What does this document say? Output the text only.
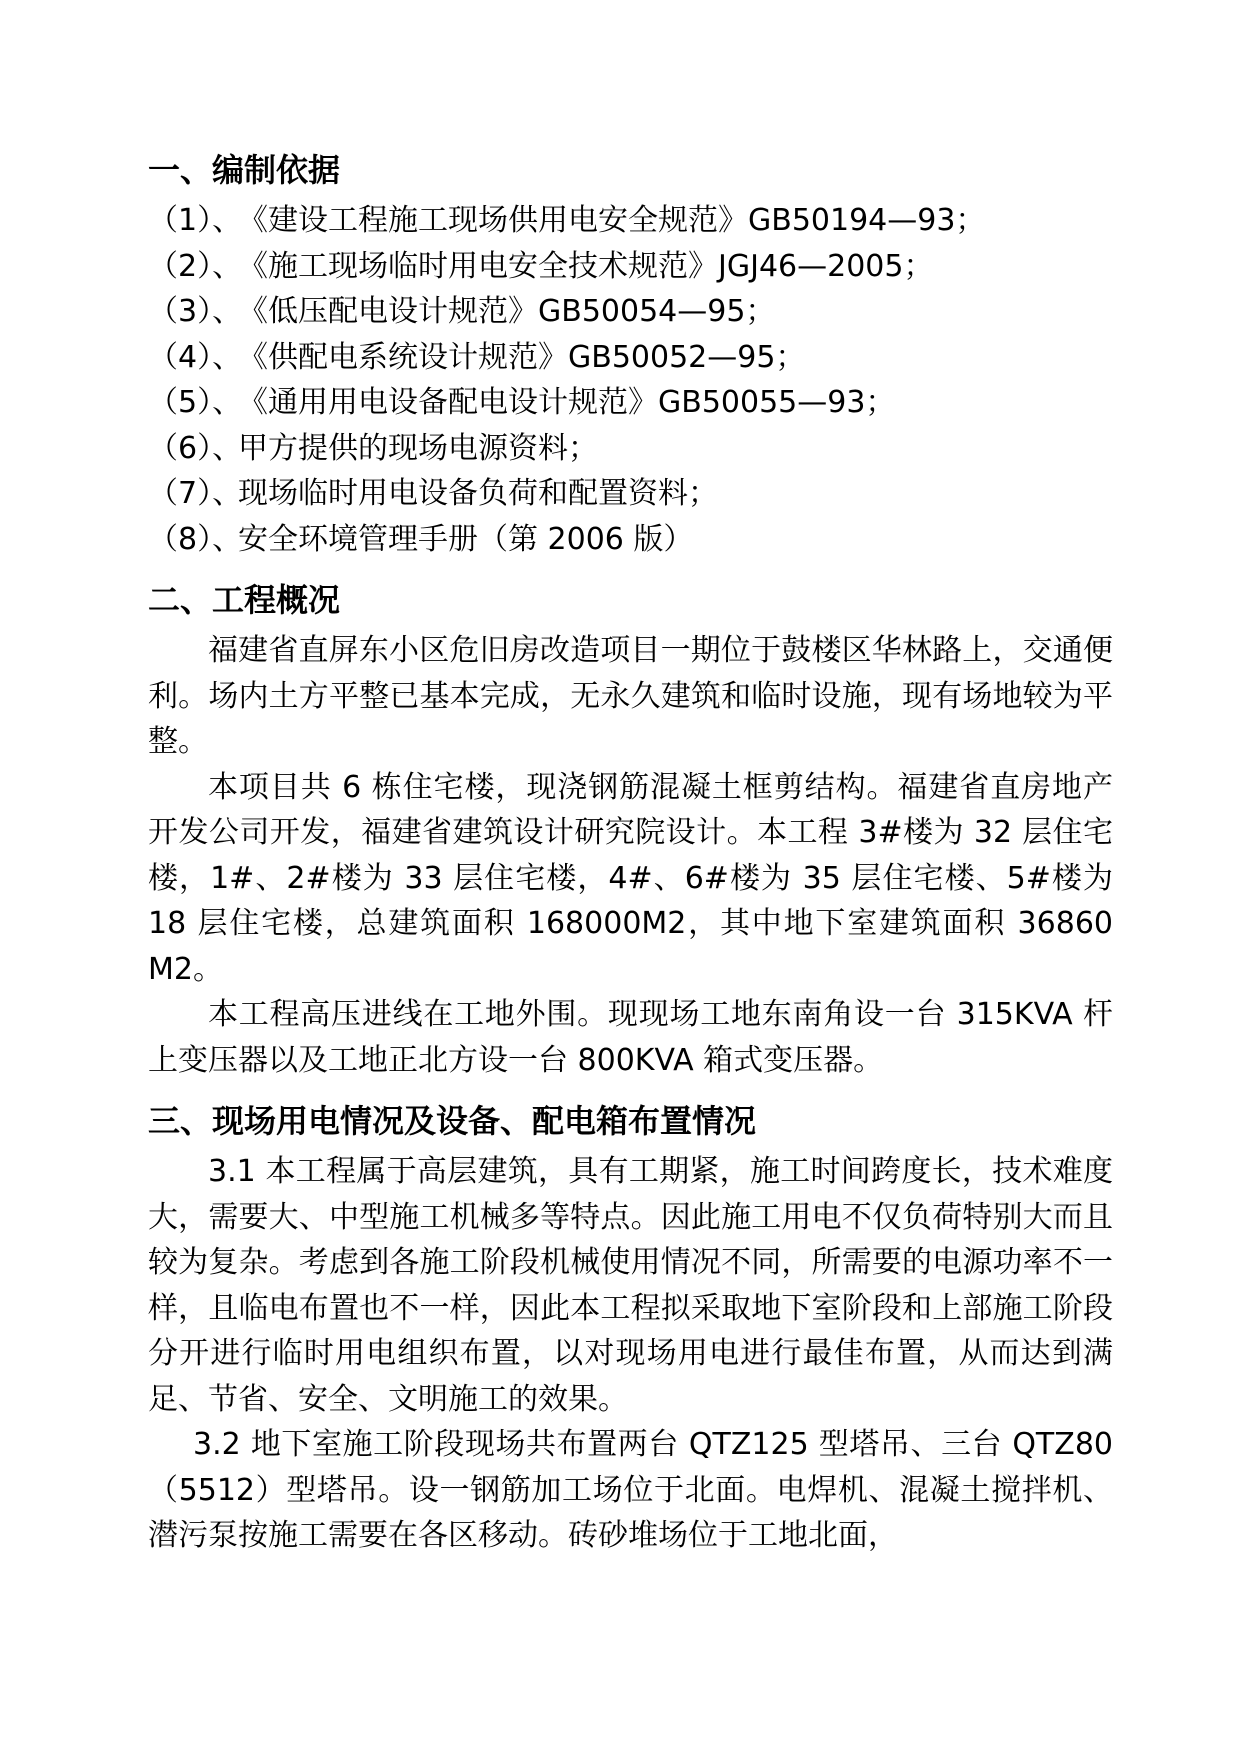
一、编制依据
（1）、《建设工程施工现场供用电安全规范》GB50194—93；
（2）、《施工现场临时用电安全技术规范》JGJ46—2005；
（3）、《低压配电设计规范》GB50054—95；
（4）、《供配电系统设计规范》GB50052—95；
（5）、《通用用电设备配电设计规范》GB50055—93；
（6）、甲方提供的现场电源资料；
（7）、现场临时用电设备负荷和配置资料；
（8）、安全环境管理手册（第 2006 版）
二、工程概况

福建省直屏东小区危旧房改造项目一期位于鼓楼区华林路上，交通便利。场内土方平整已基本完成，无永久建筑和临时设施，现有场地较为平整。

本项目共 6 栋住宅楼，现浇钢筋混凝土框剪结构。福建省直房地产开发公司开发，福建省建筑设计研究院设计。本工程 3#楼为 32 层住宅楼，1#、2#楼为 33 层住宅楼，4#、6#楼为 35 层住宅楼、5#楼为 18 层住宅楼，总建筑面积 168000M2，其中地下室建筑面积 36860 M2。

本工程高压进线在工地外围。现现场工地东南角设一台 315KVA 杆上变压器以及工地正北方设一台 800KVA 箱式变压器。

三、现场用电情况及设备、配电箱布置情况

3.1 本工程属于高层建筑，具有工期紧，施工时间跨度长，技术难度大，需要大、中型施工机械多等特点。因此施工用电不仅负荷特别大而且较为复杂。考虑到各施工阶段机械使用情况不同，所需要的电源功率不一样，且临电布置也不一样，因此本工程拟采取地下室阶段和上部施工阶段分开进行临时用电组织布置，以对现场用电进行最佳布置，从而达到满足、节省、安全、文明施工的效果。

3.2 地下室施工阶段现场共布置两台 QTZ125 型塔吊、三台 QTZ80（5512）型塔吊。设一钢筋加工场位于北面。电焊机、混凝土搅拌机、潜污泵按施工需要在各区移动。砖砂堆场位于工地北面，
